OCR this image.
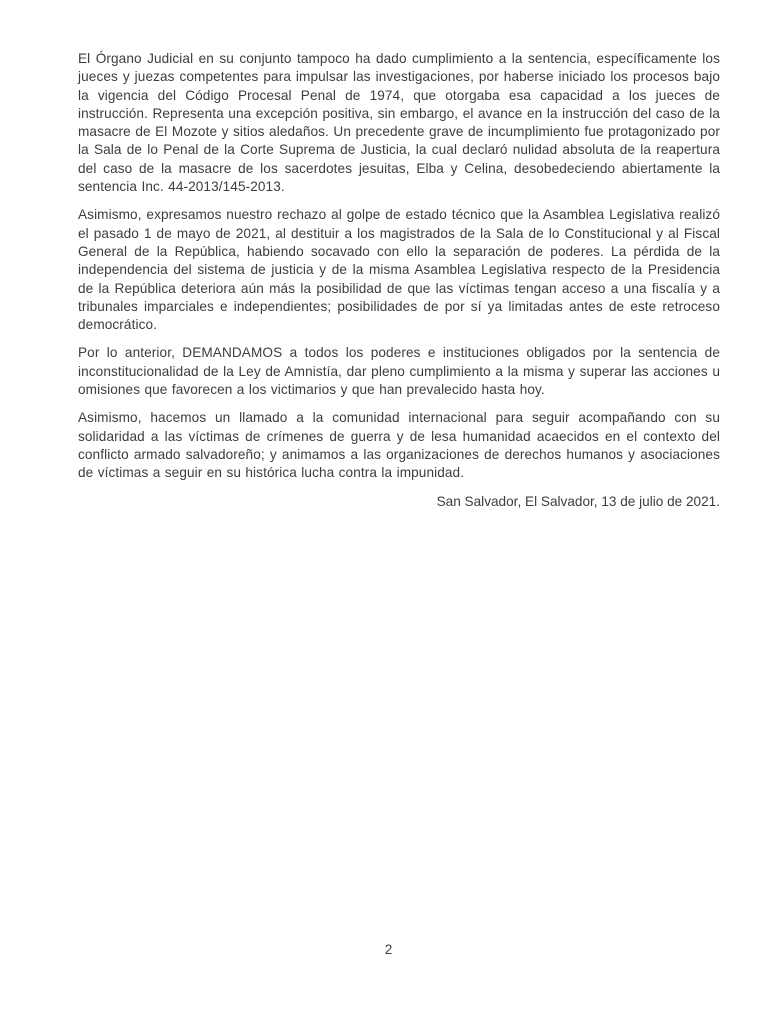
El Órgano Judicial en su conjunto tampoco ha dado cumplimiento a la sentencia, específicamente los jueces y juezas competentes para impulsar las investigaciones, por haberse iniciado los procesos bajo la vigencia del Código Procesal Penal de 1974, que otorgaba esa capacidad a los jueces de instrucción. Representa una excepción positiva, sin embargo, el avance en la instrucción del caso de la masacre de El Mozote y sitios aledaños. Un precedente grave de incumplimiento fue protagonizado por la Sala de lo Penal de la Corte Suprema de Justicia, la cual declaró nulidad absoluta de la reapertura del caso de la masacre de los sacerdotes jesuitas, Elba y Celina, desobedeciendo abiertamente la sentencia Inc. 44-2013/145-2013.

Asimismo, expresamos nuestro rechazo al golpe de estado técnico que la Asamblea Legislativa realizó el pasado 1 de mayo de 2021, al destituir a los magistrados de la Sala de lo Constitucional y al Fiscal General de la República, habiendo socavado con ello la separación de poderes. La pérdida de la independencia del sistema de justicia y de la misma Asamblea Legislativa respecto de la Presidencia de la República deteriora aún más la posibilidad de que las víctimas tengan acceso a una fiscalía y a tribunales imparciales e independientes; posibilidades de por sí ya limitadas antes de este retroceso democrático.

Por lo anterior, DEMANDAMOS a todos los poderes e instituciones obligados por la sentencia de inconstitucionalidad de la Ley de Amnistía, dar pleno cumplimiento a la misma y superar las acciones u omisiones que favorecen a los victimarios y que han prevalecido hasta hoy.

Asimismo, hacemos un llamado a la comunidad internacional para seguir acompañando con su solidaridad a las víctimas de crímenes de guerra y de lesa humanidad acaecidos en el contexto del conflicto armado salvadoreño; y animamos a las organizaciones de derechos humanos y asociaciones de víctimas a seguir en su histórica lucha contra la impunidad.

San Salvador, El Salvador, 13 de julio de 2021.
2
